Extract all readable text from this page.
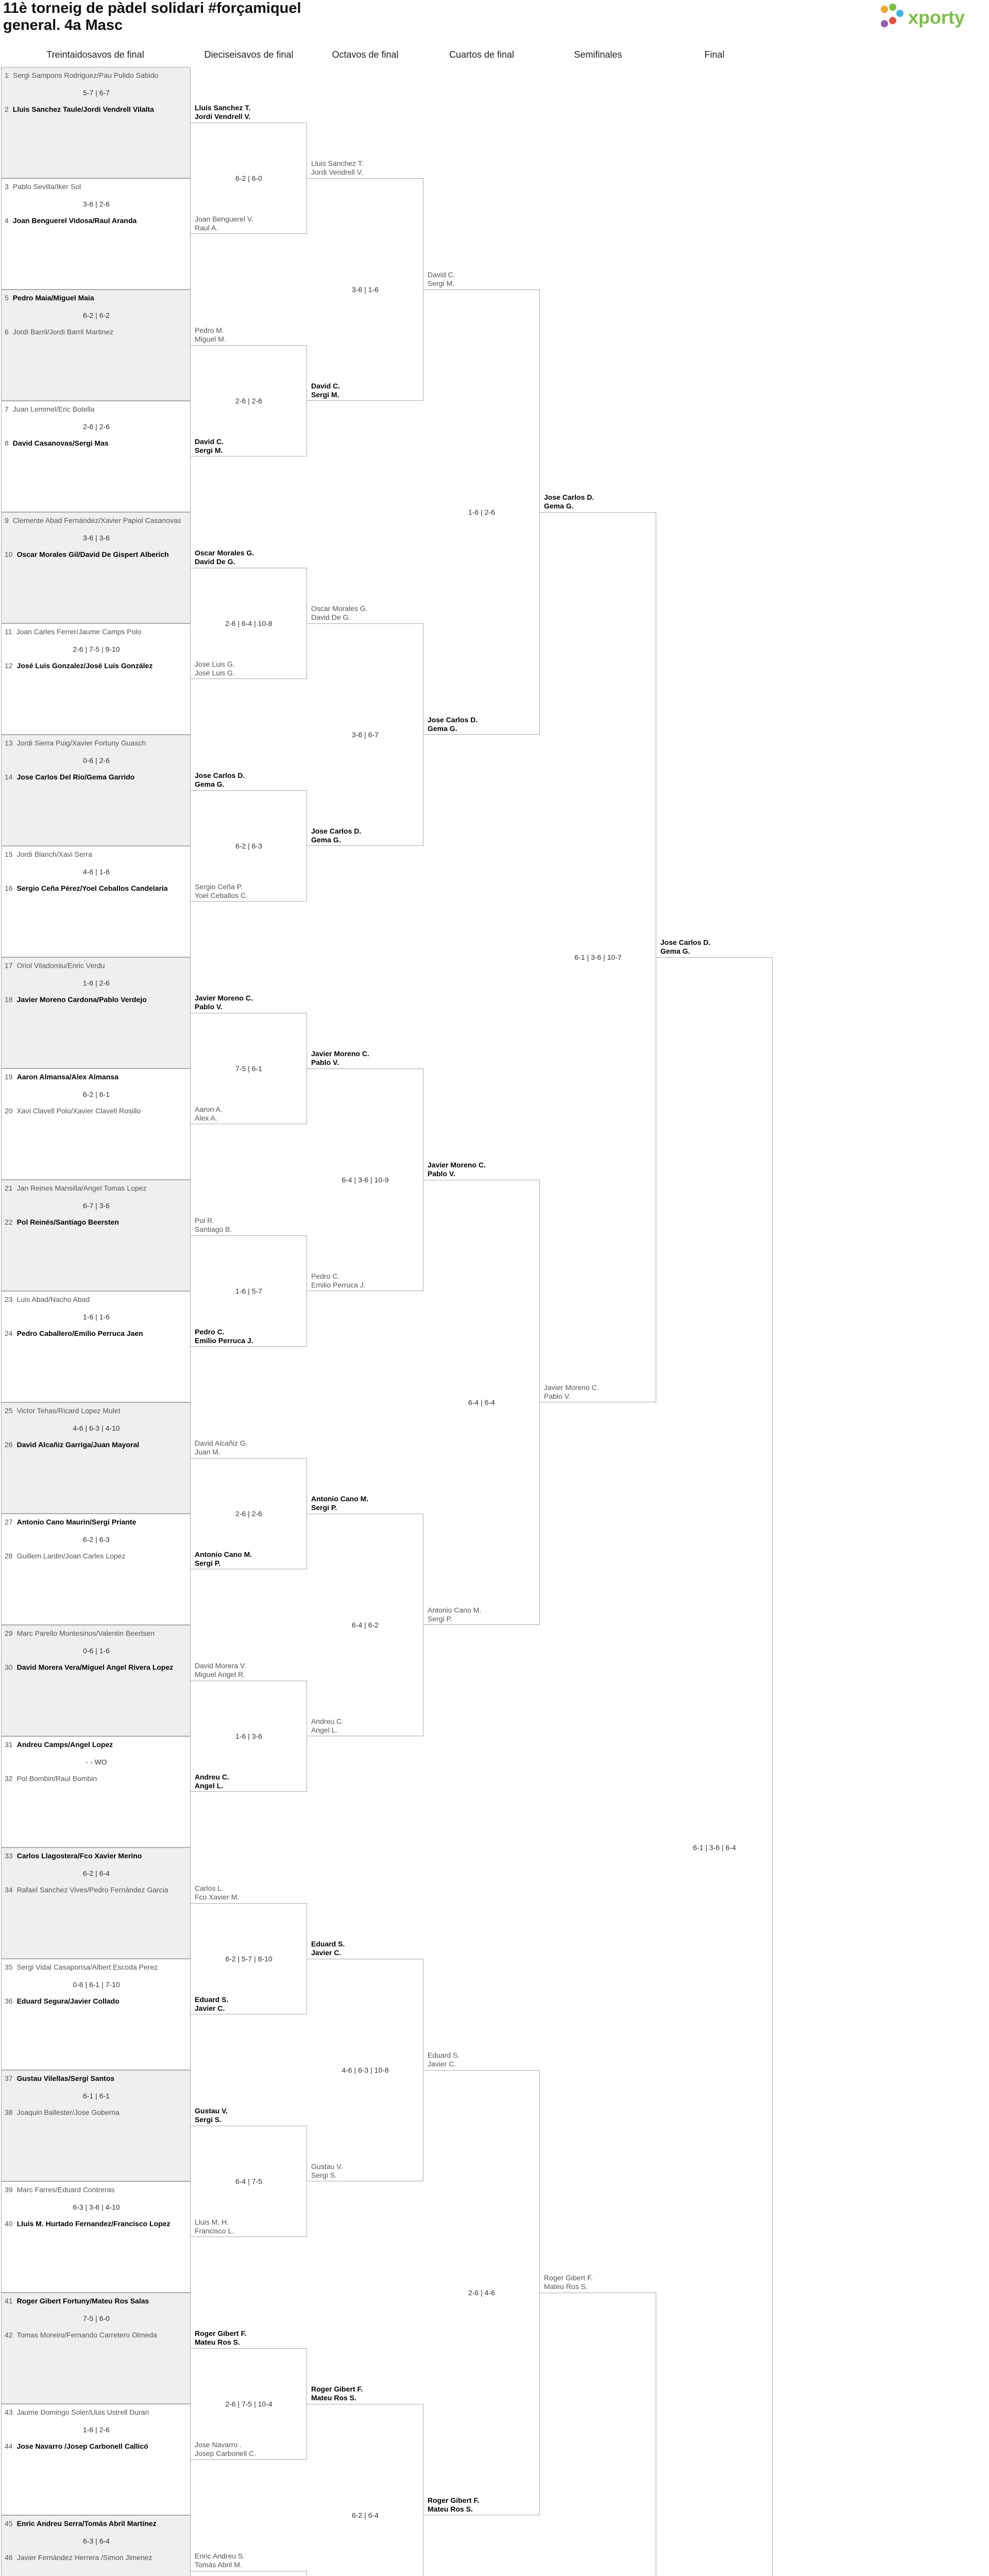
11è torneig de pàdel solidari #forçamiquel
general. 4a Masc	xporty
Treintaidosavos de final	Dieciseisavos de final	Octavos de final	Cuartos de final	Semifinales	Final
1 Sergi Sampons Rodriguez/Pau Pulido Sabido
2 Lluis Sanchez Taule/Jordi Vendrell Vilalta
5-7 | 6-7
3 Pablo Sevilla/Iker Sol
4 Joan Benguerel Vidosa/Raul Aranda
3-6 | 2-6
5 Pedro Maia/Miguel Maia
6 Jordi Barril/Jordi Barril Martinez
6-2 | 6-2
7 Juan Lemmel/Eric Botella
8 David Casanovas/Sergi Mas
2-6 | 2-6
9 Clemente Abad Fernández/Xavier Papiol Casanovas
10 Oscar Morales Gil/David De Gispert Alberich
3-6 | 3-6
11 Joan Carles Ferrer/Jaume Camps Polo
12 José Luis Gonzalez/José Luis González
2-6 | 7-5 | 9-10
13 Jordi Sierra Puig/Xavier Fortuny Guasch
14 Jose Carlos Del Rio/Gema Garrido
0-6 | 2-6
15 Jordi Blanch/Xavi Serra
16 Sergio Ceña Pérez/Yoel Ceballos Candelaria
4-6 | 1-6
17 Oriol Viladomiu/Enric Verdu
18 Javier Moreno Cardona/Pablo Verdejo
1-6 | 2-6
19 Aaron Almansa/Alex Almansa
20 Xavi Clavell Polo/Xavier Clavell Rosillo
6-2 | 6-1
21 Jan Reines Mansilla/Angel Tomas Lopez
22 Pol Reinés/Santiago Beersten
6-7 | 3-6
23 Luis Abad/Nacho Abad
24 Pedro Caballero/Emilio Perruca Jaen
1-6 | 1-6
25 Victor Tehas/Ricard Lopez Mulet
26 David Alcañiz Garriga/Juan Mayoral
4-6 | 6-3 | 4-10
27 Antonio Cano Maurin/Sergi Priante
28 Guillem Lardin/Joan Carles Lopez
6-2 | 6-3
29 Marc Parello Montesinos/Valentin Beertsen
30 David Morera Vera/Miguel Angel Rivera Lopez
0-6 | 1-6
31 Andreu Camps/Angel Lopez
32 Pol Bombin/Raul Bombin
- - WO
33 Carlos Llagostera/Fco Xavier Merino
34 Rafael Sanchez Vives/Pedro Fernández Garcia
6-2 | 6-4
35 Sergi Vidal Casaponsa/Albert Escoda Perez
36 Eduard Segura/Javier Collado
0-6 | 6-1 | 7-10
37 Gustau Vilellas/Sergi Santos
38 Joaquin Ballester/Jose Goberna
6-1 | 6-1
39 Marc Farres/Eduard Contreras
40 Lluis M. Hurtado Fernandez/Francisco Lopez
6-3 | 3-6 | 4-10
41 Roger Gibert Fortuny/Mateu Ros Salas
42 Tomas Moreiro/Fernando Carretero Olmeda
7-5 | 6-0
43 Jaume Domingo Soler/Lluis Ustrell Duran
44 Jose Navarro /Josep Carbonell Callicó
1-6 | 2-6
45 Enric Andreu Serra/Tomás Abril Martínez
46 Javier Fernández Herrera /Simon Jimenez
6-3 | 6-4
Lluis Sanchez T.
Jordi Vendrell V.
Joan Benguerel V.
Raul A.
6-2 | 6-0
Pedro M.
Miguel M.
David C.
Sergi M.
2-6 | 2-6
Oscar Morales G.
David De G.
Jose Luis G.
José Luis G.
2-6 | 6-4 | 10-8
Jose Carlos D.
Gema G.
Sergio Ceña P.
Yoel Ceballos C.
6-2 | 6-3
Javier Moreno C.
Pablo V.
Aaron A.
Alex A.
7-5 | 6-1
Pol R.
Santiago B.
Pedro C.
Emilio Perruca J.
1-6 | 5-7
David Alcañiz G.
Juan M.
Antonio Cano M.
Sergi P.
2-6 | 2-6
David Morera V.
Miguel Angel R.
Andreu C.
Angel L.
1-6 | 3-6
Carlos L.
Fco Xavier M.
Eduard S.
Javier C.
6-2 | 5-7 | 8-10
Gustau V.
Sergi S.
Lluis M. H.
Francisco L.
6-4 | 7-5
Roger Gibert F.
Mateu Ros S.
Jose Navarro .
Josep Carbonell C.
2-6 | 7-5 | 10-4
Enric Andreu S.
Tomás Abril M.
Lluis Sanchez T.
Jordi Vendrell V.
David C.
Sergi M.
3-6 | 1-6
Oscar Morales G.
David De G.
Jose Carlos D.
Gema G.
3-6 | 6-7
Javier Moreno C.
Pablo V.
Pedro C.
Emilio Perruca J.
6-4 | 3-6 | 10-9
Antonio Cano M.
Sergi P.
Andreu C.
Angel L.
6-4 | 6-2
Eduard S.
Javier C.
Gustau V.
Sergi S.
4-6 | 6-3 | 10-8
Roger Gibert F.
Mateu Ros S.
6-2 | 6-4
David C.
Sergi M.
Jose Carlos D.
Gema G.
1-6 | 2-6
Javier Moreno C.
Pablo V.
Antonio Cano M.
Sergi P.
6-4 | 6-4
Eduard S.
Javier C.
Roger Gibert F.
Mateu Ros S.
2-6 | 4-6
Jose Carlos D.
Gema G.
Javier Moreno C.
Pablo V.
6-1 | 3-6 | 10-7
Roger Gibert F.
Mateu Ros S.
Jose Carlos D.
Gema G.
6-1 | 3-6 | 6-4
